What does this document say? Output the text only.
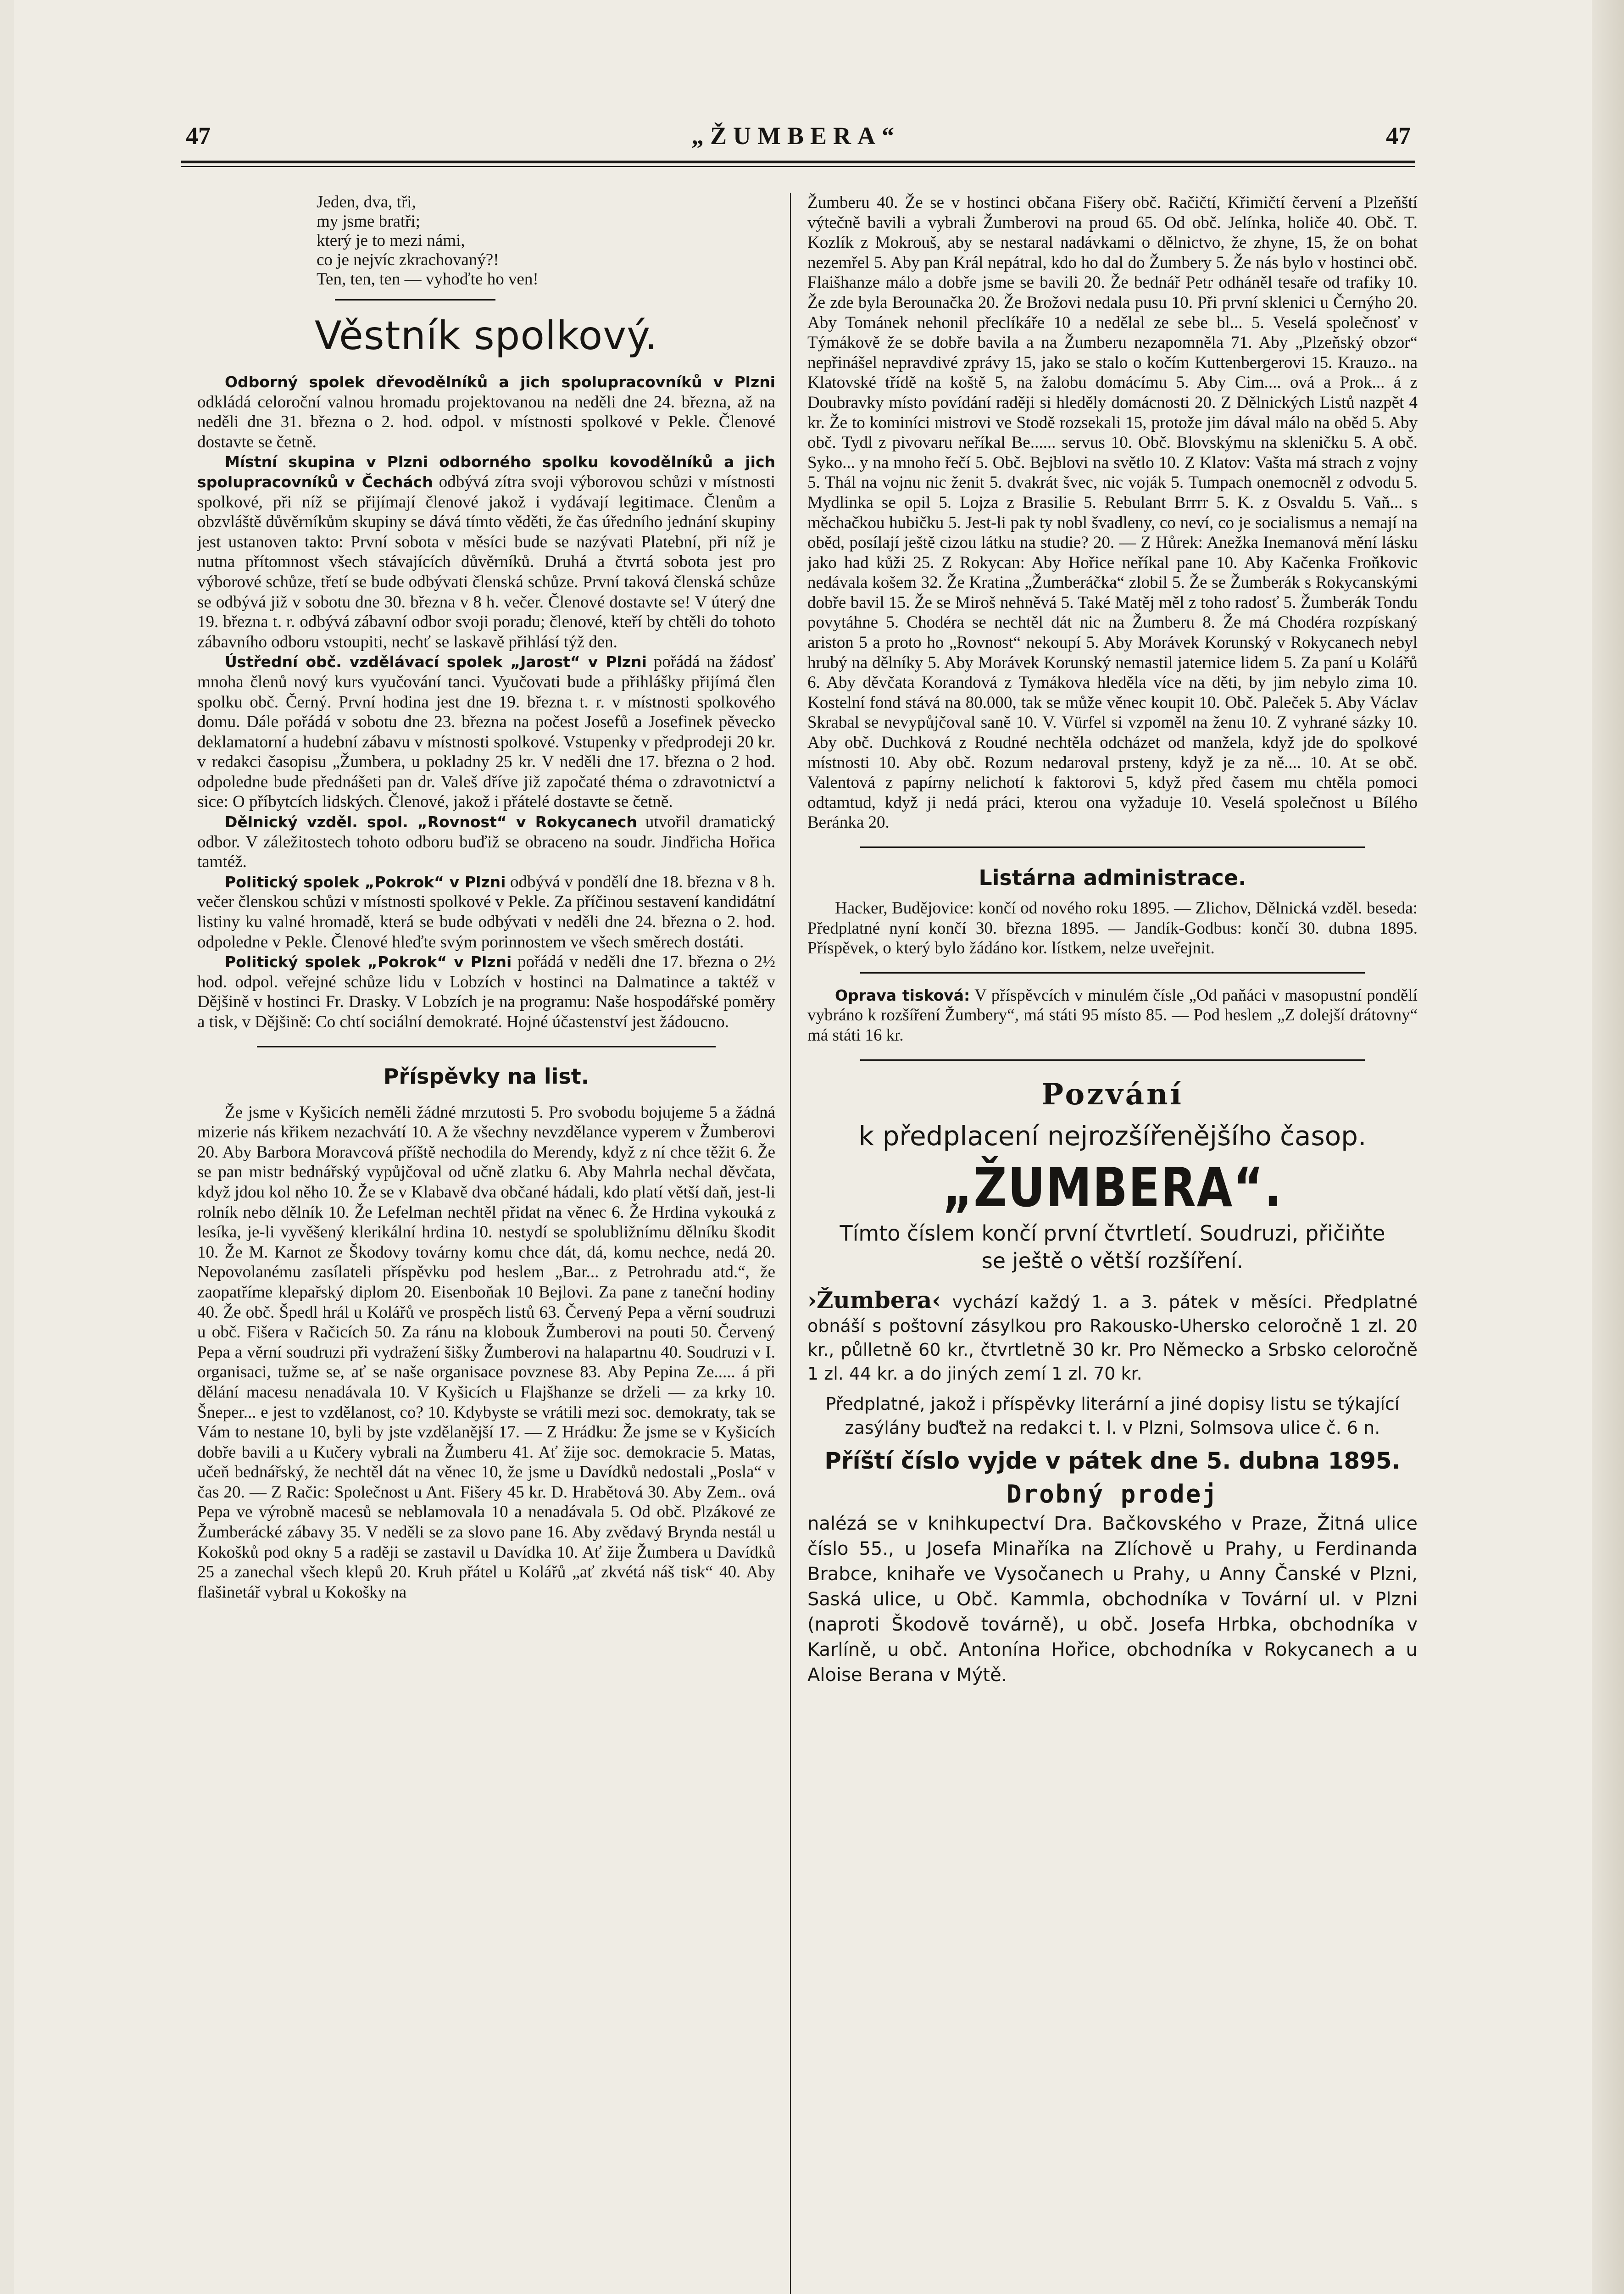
47	„ŽUMBERA“	47
Jeden, dva, tři,
my jsme bratři;
který je to mezi námi,
co je nejvíc zkrachovaný?!
Ten, ten, ten — vyhoďte ho ven!
Věstník spolkový.

Odborný spolek dřevodělníků a jich spolupracovníků v Plzni odkládá celoroční valnou hromadu projektovanou na neděli dne 24. března, až na neděli dne 31. března o 2. hod. odpol. v místnosti spolkové v Pekle. Členové dostavte se četně.

Místní skupina v Plzni odborného spolku kovodělníků a jich spolupracovníků v Čechách odbývá zítra svoji výborovou schůzi v místnosti spolkové, při níž se přijímají členové jakož i vydávají legitimace. Členům a obzvláště důvěrníkům skupiny se dává tímto věděti, že čas úředního jednání skupiny jest ustanoven takto: První sobota v měsíci bude se nazývati Platební, při níž je nutna přítomnost všech stávajících důvěrníků. Druhá a čtvrtá sobota jest pro výborové schůze, třetí se bude odbývati členská schůze. První taková členská schůze se odbývá již v sobotu dne 30. března v 8 h. večer. Členové dostavte se! V úterý dne 19. března t. r. odbývá zábavní odbor svoji poradu; členové, kteří by chtěli do tohoto zábavního odboru vstoupiti, nechť se laskavě přihlásí týž den.

Ústřední obč. vzdělávací spolek „Jarost“ v Plzni pořádá na žádosť mnoha členů nový kurs vyučování tanci. Vyučovati bude a přihlášky přijímá člen spolku obč. Černý. První hodina jest dne 19. března t. r. v místnosti spolkového domu. Dále pořádá v sobotu dne 23. března na počest Josefů a Josefinek pěvecko deklamatorní a hudební zábavu v místnosti spolkové. Vstupenky v předprodeji 20 kr. v redakci časopisu „Žumbera, u pokladny 25 kr. V neděli dne 17. března o 2 hod. odpoledne bude přednášeti pan dr. Valeš dříve již započaté théma o zdravotnictví a sice: O příbytcích lidských. Členové, jakož i přátelé dostavte se četně.

Dělnický vzděl. spol. „Rovnost“ v Rokycanech utvořil dramatický odbor. V záležitostech tohoto odboru buďiž se obraceno na soudr. Jindřicha Hořica tamtéž.

Politický spolek „Pokrok“ v Plzni odbývá v pondělí dne 18. března v 8 h. večer členskou schůzi v místnosti spolkové v Pekle. Za příčinou sestavení kandidátní listiny ku valné hromadě, která se bude odbývati v neděli dne 24. března o 2. hod. odpoledne v Pekle. Členové hleďte svým porinnostem ve všech směrech dostáti.

Politický spolek „Pokrok“ v Plzni pořádá v neděli dne 17. března o 2½ hod. odpol. veřejné schůze lidu v Lobzích v hostinci na Dalmatince a taktéž v Dějšině v hostinci Fr. Drasky. V Lobzích je na programu: Naše hospodářské poměry a tisk, v Dějšině: Co chtí sociální demokraté. Hojné účastenství jest žádoucno.

Příspěvky na list.

Že jsme v Kyšicích neměli žádné mrzutosti 5. Pro svobodu bojujeme 5 a žádná mizerie nás křikem nezachvátí 10. A že všechny nevzdělance vyperem v Žumberovi 20. Aby Barbora Moravcová příště nechodila do Merendy, když z ní chce těžit 6. Že se pan mistr bednářský vypůjčoval od učně zlatku 6. Aby Mahrla nechal děvčata, když jdou kol něho 10. Že se v Klabavě dva občané hádali, kdo platí větší daň, jest-li rolník nebo dělník 10. Že Lefelman nechtěl přidat na věnec 6. Že Hrdina vykouká z lesíka, je-li vyvěšený klerikální hrdina 10. nestydí se spolubližnímu dělníku škodit 10. Že M. Karnot ze Škodovy továrny komu chce dát, dá, komu nechce, nedá 20. Nepovolanému zasílateli příspěvku pod heslem „Bar... z Petrohradu atd.“, že zaopatříme klepařský diplom 20. Eisenboňak 10 Bejlovi. Za pane z taneční hodiny 40. Že obč. Špedl hrál u Kolářů ve prospěch listů 63. Červený Pepa a věrní soudruzi u obč. Fišera v Račicích 50. Za ránu na klobouk Žumberovi na pouti 50. Červený Pepa a věrní soudruzi při vydražení šišky Žumberovi na halapartnu 40. Soudruzi v I. organisaci, tužme se, ať se naše organisace povznese 83. Aby Pepina Ze..... á při dělání macesu nenadávala 10. V Kyšicích u Flajšhanze se drželi — za krky 10. Šneper... e jest to vzdělanost, co? 10. Kdybyste se vrátili mezi soc. demokraty, tak se Vám to nestane 10, byli by jste vzdělanější 17. — Z Hrádku: Že jsme se v Kyšicích dobře bavili a u Kučery vybrali na Žumberu 41. Ať žije soc. demokracie 5. Matas, učeň bednářský, že nechtěl dát na věnec 10, že jsme u Davídků nedostali „Posla“ v čas 20. — Z Račic: Společnost u Ant. Fišery 45 kr. D. Hrabětová 30. Aby Zem.. ová Pepa ve výrobně macesů se neblamovala 10 a nenadávala 5. Od obč. Plzákové ze Žumberácké zábavy 35. V neděli se za slovo pane 16. Aby zvědavý Brynda nestál u Kokošků pod okny 5 a raději se zastavil u Davídka 10. Ať žije Žumbera u Davídků 25 a zanechal všech klepů 20. Kruh přátel u Kolářů „ať zkvétá náš tisk“ 40. Aby flašinetář vybral u Kokošky na

Žumberu 40. Že se v hostinci občana Fišery obč. Račičtí, Křimičtí červení a Plzeňští výtečně bavili a vybrali Žumberovi na proud 65. Od obč. Jelínka, holiče 40. Obč. T. Kozlík z Mokrouš, aby se nestaral nadávkami o dělnictvo, že zhyne, 15, že on bohat nezemřel 5. Aby pan Král nepátral, kdo ho dal do Žumbery 5. Že nás bylo v hostinci obč. Flaišhanze málo a dobře jsme se bavili 20. Že bednář Petr odháněl tesaře od trafiky 10. Že zde byla Berounačka 20. Že Brožovi nedala pusu 10. Při první sklenici u Černýho 20. Aby Tománek nehonil přeclíkáře 10 a nedělal ze sebe bl... 5. Veselá společnosť v Týmákově že se dobře bavila a na Žumberu nezapomněla 71. Aby „Plzeňský obzor“ nepřinášel nepravdivé zprávy 15, jako se stalo o kočím Kuttenbergerovi 15. Krauzo.. na Klatovské třídě na koště 5, na žalobu domácímu 5. Aby Cim.... ová a Prok... á z Doubravky místo povídání raději si hleděly domácnosti 20. Z Dělnických Listů nazpět 4 kr. Že to kominíci mistrovi ve Stodě rozsekali 15, protože jim dával málo na oběd 5. Aby obč. Tydl z pivovaru neříkal Be...... servus 10. Obč. Blovskýmu na skleničku 5. A obč. Syko... y na mnoho řečí 5. Obč. Bejblovi na světlo 10. Z Klatov: Vašta má strach z vojny 5. Thál na vojnu nic ženit 5. dvakrát švec, nic voják 5. Tumpach onemocněl z odvodu 5. Mydlinka se opil 5. Lojza z Brasilie 5. Rebulant Brrrr 5. K. z Osvaldu 5. Vaň... s měchačkou hubičku 5. Jest-li pak ty nobl švadleny, co neví, co je socialismus a nemají na oběd, posílají ještě cizou látku na studie? 20. — Z Hůrek: Anežka Inemanová mění lásku jako had kůži 25. Z Rokycan: Aby Hořice neříkal pane 10. Aby Kačenka Froňkovic nedávala košem 32. Že Kratina „Žumberáčka“ zlobil 5. Že se Žumberák s Rokycanskými dobře bavil 15. Že se Miroš nehněvá 5. Také Matěj měl z toho radosť 5. Žumberák Tondu povytáhne 5. Chodéra se nechtěl dát nic na Žumberu 8. Že má Chodéra rozpískaný ariston 5 a proto ho „Rovnost“ nekoupí 5. Aby Morávek Korunský v Rokycanech nebyl hrubý na dělníky 5. Aby Morávek Korunský nemastil jaternice lidem 5. Za paní u Kolářů 6. Aby děvčata Korandová z Tymákova hleděla více na děti, by jim nebylo zima 10. Kostelní fond stává na 80.000, tak se může věnec koupit 10. Obč. Paleček 5. Aby Václav Skrabal se nevypůjčoval saně 10. V. Vürfel si vzpoměl na ženu 10. Z vyhrané sázky 10. Aby obč. Duchková z Roudné nechtěla odcházet od manžela, když jde do spolkové místnosti 10. Aby obč. Rozum nedaroval prsteny, když je za ně.... 10. At se obč. Valentová z papírny nelichotí k faktorovi 5, když před časem mu chtěla pomoci odtamtud, když ji nedá práci, kterou ona vyžaduje 10. Veselá společnost u Bílého Beránka 20.

Listárna administrace.

Hacker, Budějovice: končí od nového roku 1895. — Zlichov, Dělnická vzděl. beseda: Předplatné nyní končí 30. března 1895. — Jandík-Godbus: končí 30. dubna 1895. Příspěvek, o který bylo žádáno kor. lístkem, nelze uveřejnit.

Oprava tisková: V příspěvcích v minulém čísle „Od paňáci v masopustní pondělí vybráno k rozšíření Žumbery“, má státi 95 místo 85. — Pod heslem „Z dolejší drátovny“ má státi 16 kr.

Pozvání
k předplacení nejrozšířenějšího časop.
„ŽUMBERA“.
Tímto číslem končí první čtvrtletí. Soudruzi, přičiňte
se ještě o větší rozšíření.
›Žumbera‹ vychází každý 1. a 3. pátek v měsíci. Předplatné obnáší s poštovní zásylkou pro Rakousko-Uhersko celoročně 1 zl. 20 kr., půlletně 60 kr., čtvrtletně 30 kr. Pro Německo a Srbsko celoročně 1 zl. 44 kr. a do jiných zemí 1 zl. 70 kr.
Předplatné, jakož i příspěvky literární a jiné dopisy listu se týkající zasýlány buďtež na redakci t. l. v Plzni, Solmsova ulice č. 6 n.
Příští číslo vyjde v pátek dne 5. dubna 1895.
Drobný prodej

nalézá se v knihkupectví Dra. Bačkovského v Praze, Žitná ulice číslo 55., u Josefa Minaříka na Zlíchově u Prahy, u Ferdinanda Brabce, knihaře ve Vysočanech u Prahy, u Anny Čanské v Plzni, Saská ulice, u Obč. Kammla, obchodníka v Tovární ul. v Plzni (naproti Škodově továrně), u obč. Josefa Hrbka, obchodníka v Karlíně, u obč. Antonína Hořice, obchodníka v Rokycanech a u Aloise Berana v Mýtě.
